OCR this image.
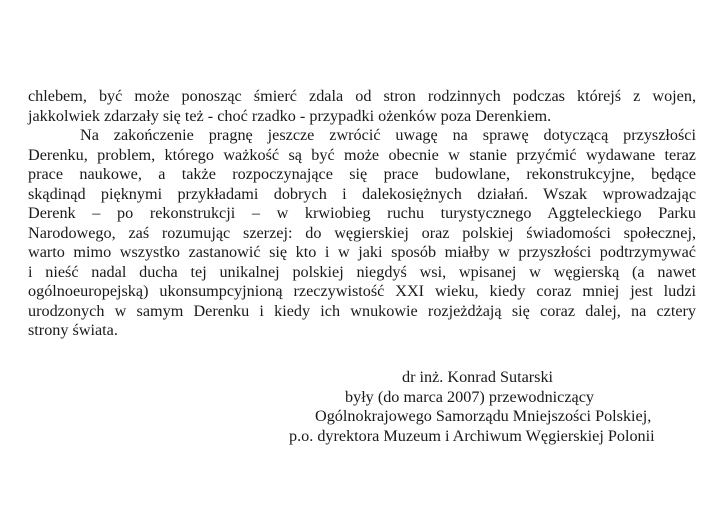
chlebem, być może ponosząc śmierć zdala od stron rodzinnych podczas którejś z wojen,
jakkolwiek zdarzały się też - choć rzadko - przypadki ożenków poza Derenkiem.
Na zakończenie pragnę jeszcze zwrócić uwagę na sprawę dotyczącą przyszłości
Derenku, problem, którego ważkość są być może obecnie w stanie przyćmić wydawane teraz
prace naukowe, a także rozpoczynające się prace budowlane, rekonstrukcyjne, będące
skądinąd pięknymi przykładami dobrych i dalekosiężnych działań. Wszak wprowadzając
Derenk – po rekonstrukcji – w krwiobieg ruchu turystycznego Aggteleckiego Parku
Narodowego, zaś rozumując szerzej: do węgierskiej oraz polskiej świadomości społecznej,
warto mimo wszystko zastanowić się kto i w jaki sposób miałby w przyszłości podtrzymywać
i nieść nadal ducha tej unikalnej polskiej niegdyś wsi, wpisanej w węgierską (a nawet
ogólnoeuropejską) ukonsumpcyjnioną rzeczywistość XXI wieku, kiedy coraz mniej jest ludzi
urodzonych w samym Derenku i kiedy ich wnukowie rozjeżdżają się coraz dalej, na cztery
strony świata.
dr inż. Konrad Sutarski
były (do marca 2007) przewodniczący
Ogólnokrajowego Samorządu Mniejszości Polskiej,
p.o. dyrektora Muzeum i Archiwum Węgierskiej Polonii
